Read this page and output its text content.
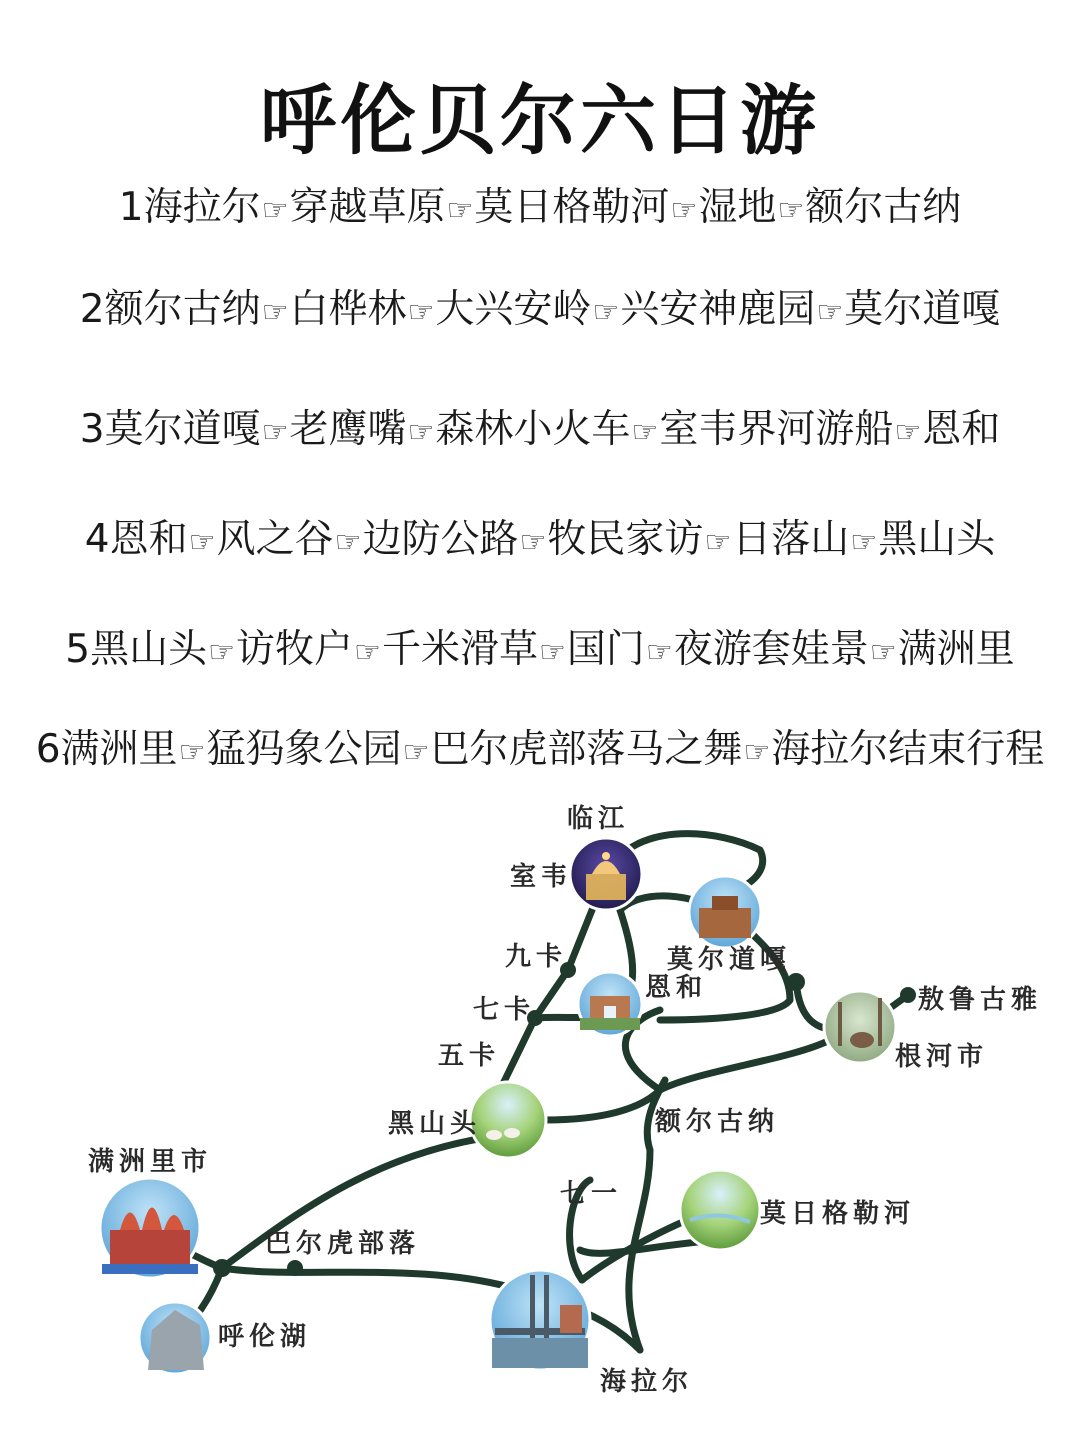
呼伦贝尔六日游
1海拉尔☞穿越草原☞莫日格勒河☞湿地☞额尔古纳
2额尔古纳☞白桦林☞大兴安岭☞兴安神鹿园☞莫尔道嘎
3莫尔道嘎☞老鹰嘴☞森林小火车☞室韦界河游船☞恩和
4恩和☞风之谷☞边防公路☞牧民家访☞日落山☞黑山头
5黑山头☞访牧户☞千米滑草☞国门☞夜游套娃景☞满洲里
6满洲里☞猛犸象公园☞巴尔虎部落马之舞☞海拉尔结束行程
临江
室韦
九卡	莫尔道嘎
七卡
恩和	敖鲁古雅
五卡	根河市
黑山头	额尔古纳
满洲里市
七一
莫日格勒河
巴尔虎部落
呼伦湖
海拉尔
